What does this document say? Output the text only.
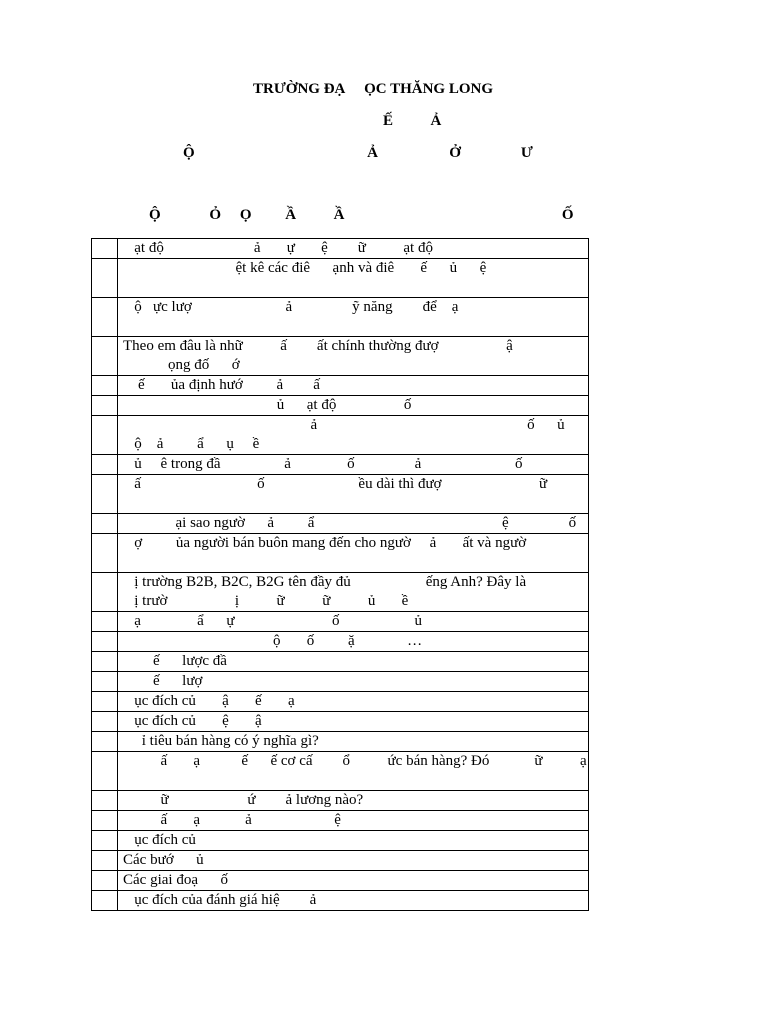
TRƯỜNG ĐẠ     ỌC THĂNG LONG
Ế          Ả
Ộ                                              Ả                   Ở                Ư
Ộ             Ỏ     Ọ         Ầ          Ầ                                                          Ố

	ạt độ                        ả       ự       ệ        ữ          ạt độ

	ệt kê các điê      ạnh và điê       ế      ủ      ệ

	ộ   ực lượ                         ả                ỹ năng        để    ạ

	Theo em đâu là nhữ          ấ        ất chính thường đượ                  ậ
ọng đố      ớ

	ế       ủa định hướ         ả        ấ

	ủ      ạt độ                  ố

	ả                                                        ố      ủ
ộ    ả         ẩ      ụ     ề

	ủ     ê trong đầ                 ả               ố                ả                         ố

	ấ                               ố                         ều dài thì đượ                          ữ

	ại sao ngườ      ả         ẩ                                                  ệ                ố

	ợ         ủa người bán buôn mang đến cho ngườ     ả       ất và ngườ

	ị trường B2B, B2C, B2G tên đầy đủ                    ếng Anh? Đây là
ị trườ                  ị          ữ          ữ          ủ       ề

	ạ               ẩ      ự                          ố                    ủ

	ộ       ố         ặ              …

	ế      lược đầ

	ế      lượ

	ục đích củ       ậ       ế       ạ

	ục đích củ       ệ       ậ

	ỉ tiêu bán hàng có ý nghĩa gì?

	ấ       ạ           ế      ế cơ cấ        ổ          ức bán hàng? Đó            ữ          ạ

	ữ                     ứ        ả lương nào?

	ấ       ạ            ả                      ệ

	ục đích củ

	Các bướ      ủ

	Các giai đoạ      ố

	ục đích của đánh giá hiệ        ả
